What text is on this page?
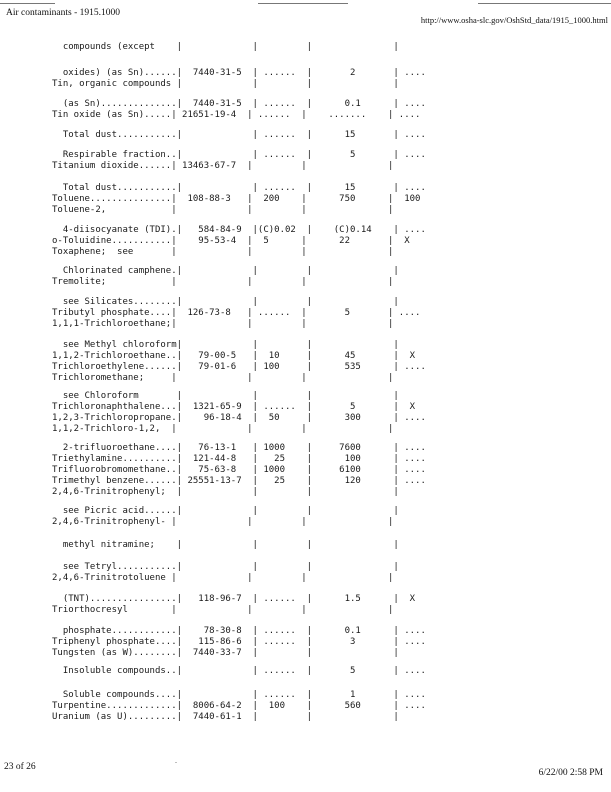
Air contaminants - 1915.1000
http://www.osha-slc.gov/OshStd_data/1915_1000.html
compounds (except    |             |         |               |
oxides) (as Sn)......|  7440-31-5  | ......  |       2       | ....
Tin, organic compounds |             |         |               |
(as Sn)..............|  7440-31-5  | ......  |      0.1      | ....
Tin oxide (as Sn).....| 21651-19-4  | ......  |    .......    | ....
Total dust...........|             | ......  |      15       | ....
Respirable fraction..|             | ......  |       5       | ....
Titanium dioxide......| 13463-67-7  |         |               |
Total dust...........|             | ......  |      15       | ....
Toluene...............|  108-88-3   |  200    |      750      |  100
Toluene-2,            |             |         |               |
4-diisocyanate (TDI).|   584-84-9  |(C)0.02  |    (C)0.14    | ....
o-Toluidine...........|    95-53-4  |  5      |      22       |  X
Toxaphene;  see       |             |         |               |
Chlorinated camphene.|             |         |               |
Tremolite;            |             |         |               |
see Silicates........|             |         |               |
Tributyl phosphate....|  126-73-8   | ......  |       5       | ....
1,1,1-Trichloroethane;|             |         |               |
see Methyl chloroform|             |         |               |
1,1,2-Trichloroethane..|   79-00-5   |  10     |      45       |  X
Trichloroethylene......|   79-01-6   | 100     |      535      | ....
Trichloromethane;     |             |         |               |
see Chloroform       |             |         |               |
Trichloronaphthalene...|  1321-65-9  | ......  |       5       |  X
1,2,3-Trichloropropane.|    96-18-4  |  50     |      300      | ....
1,1,2-Trichloro-1,2,  |             |         |               |
2-trifluoroethane....|   76-13-1   | 1000    |     7600      | ....
Triethylamine..........|  121-44-8   |   25    |      100      | ....
Trifluorobromomethane..|   75-63-8   | 1000    |     6100      | ....
Trimethyl benzene......| 25551-13-7  |   25    |      120      | ....
2,4,6-Trinitrophenyl;  |             |         |               |
see Picric acid......|             |         |               |
2,4,6-Trinitrophenyl- |             |         |               |
methyl nitramine;    |             |         |               |
see Tetryl...........|             |         |               |
2,4,6-Trinitrotoluene |             |         |               |
(TNT)................|   118-96-7  | ......  |      1.5      |  X
Triorthocresyl        |             |         |               |
phosphate............|    78-30-8  | ......  |      0.1      | ....
Triphenyl phosphate....|   115-86-6  | ......  |       3       | ....
Tungsten (as W)........|  7440-33-7  |         |               |
Insoluble compounds..|             | ......  |       5       | ....
Soluble compounds....|             | ......  |       1       | ....
Turpentine.............|  8006-64-2  |  100    |      560      | ....
Uranium (as U).........|  7440-61-1  |         |               |
.
23 of 26
6/22/00 2:58 PM
